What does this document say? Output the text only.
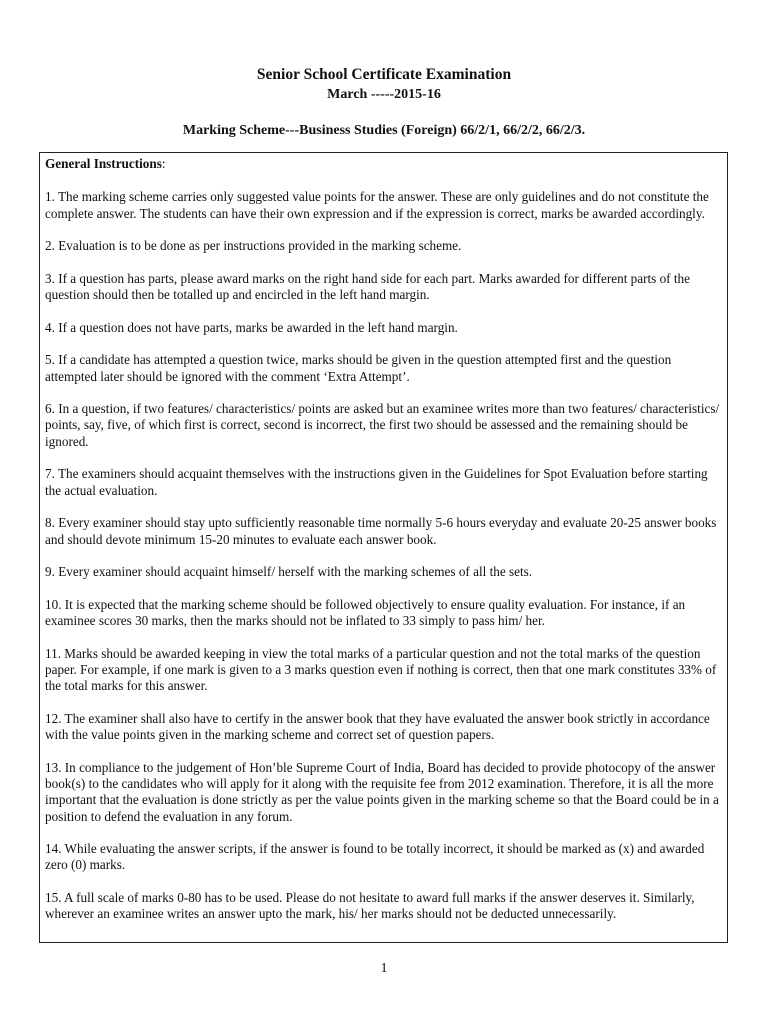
Senior School Certificate Examination
March -----2015-16
Marking Scheme---Business Studies (Foreign) 66/2/1, 66/2/2, 66/2/3.
General Instructions:

1. The marking scheme carries only suggested value points for the answer. These are only guidelines and do not constitute the complete answer. The students can have their own expression and if the expression is correct, marks be awarded accordingly.

2. Evaluation is to be done as per instructions provided in the marking scheme.

3. If a question has parts, please award marks on the right hand side for each part. Marks awarded for different parts of the question should then be totalled up and encircled in the left hand margin.

4. If a question does not have parts, marks be awarded in the left hand margin.

5. If a candidate has attempted a question twice, marks should be given in the question attempted first and the question attempted later should be ignored with the comment ‘Extra Attempt’.

6. In a question, if two features/ characteristics/ points are asked but an examinee writes more than two features/ characteristics/ points, say, five, of which first is correct, second is incorrect, the first two should be assessed and the remaining should be ignored.

7. The examiners should acquaint themselves with the instructions given in the Guidelines for Spot Evaluation before starting the actual evaluation.

8. Every examiner should stay upto sufficiently reasonable time normally 5-6 hours everyday and evaluate 20-25 answer books and should devote minimum 15-20 minutes to evaluate each answer book.

9. Every examiner should acquaint himself/ herself with the marking schemes of all the sets.

10. It is expected that the marking scheme should be followed objectively to ensure quality evaluation. For instance, if an examinee scores 30 marks, then the marks should not be inflated to 33 simply to pass him/ her.

11. Marks should be awarded keeping in view the total marks of a particular question and not the total marks of the question paper. For example, if one mark is given to a 3 marks question even if nothing is correct, then that one mark constitutes 33% of the total marks for this answer.

12. The examiner shall also have to certify in the answer book that they have evaluated the answer book strictly in accordance with the value points given in the marking scheme and correct set of question papers.

13. In compliance to the judgement of Hon’ble Supreme Court of India, Board has decided to provide photocopy of the answer book(s) to the candidates who will apply for it along with the requisite fee from 2012 examination. Therefore, it is all the more important that the evaluation is done strictly as per the value points given in the marking scheme so that the Board could be in a position to defend the evaluation in any forum.

14. While evaluating the answer scripts, if the answer is found to be totally incorrect, it should be marked as (x) and awarded zero (0) marks.

15. A full scale of marks 0-80 has to be used. Please do not hesitate to award full marks if the answer deserves it. Similarly, wherever an examinee writes an answer upto the mark, his/ her marks should not be deducted unnecessarily.

1
